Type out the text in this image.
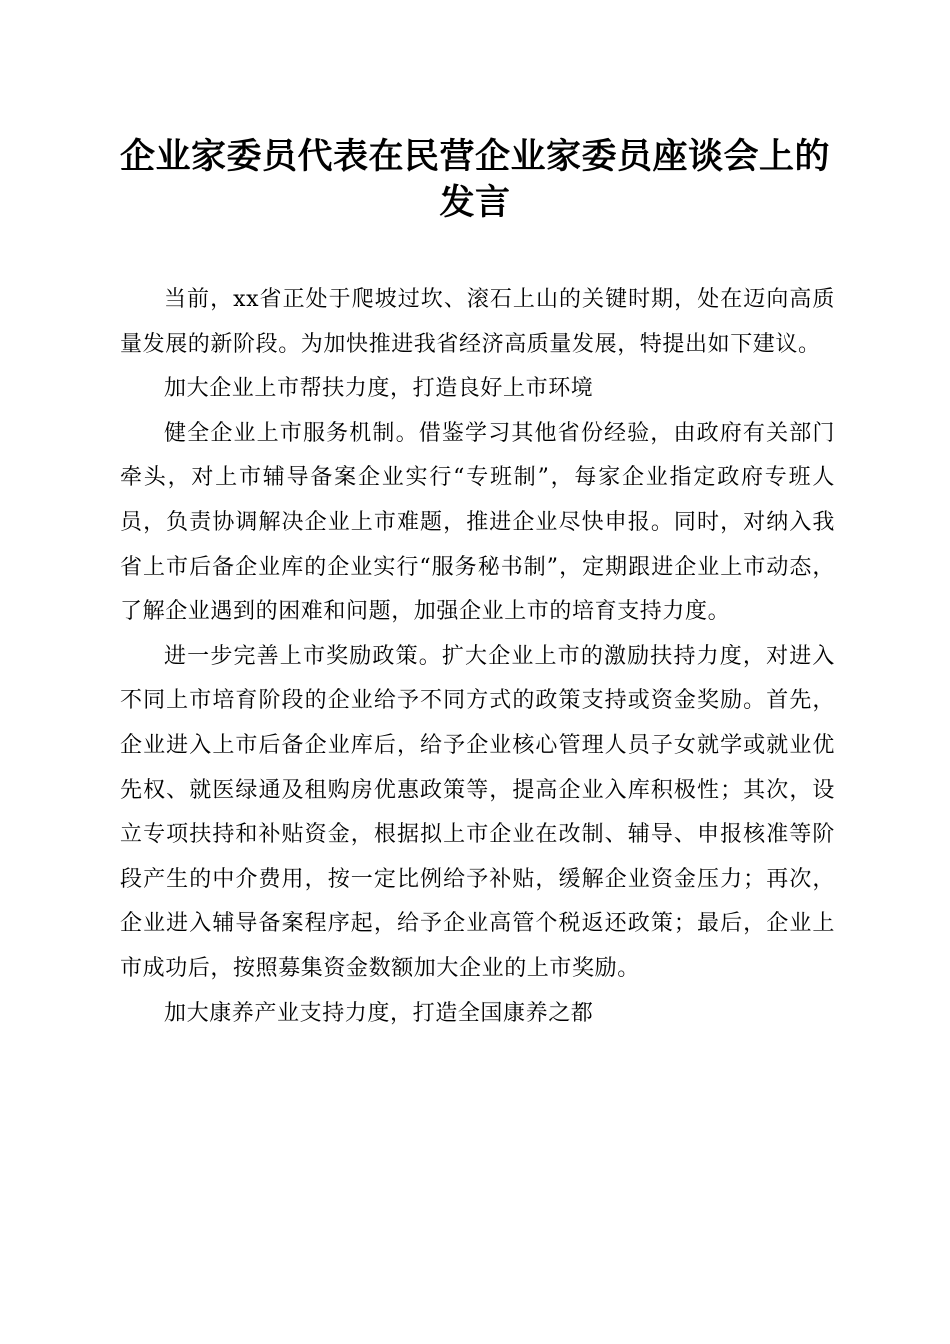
企业家委员代表在民营企业家委员座谈会上的
发言

当前，xx省正处于爬坡过坎、滚石上山的关键时期，处在迈向高质量发展的新阶段。为加快推进我省经济高质量发展，特提出如下建议。

加大企业上市帮扶力度，打造良好上市环境

健全企业上市服务机制。借鉴学习其他省份经验，由政府有关部门牵头，对上市辅导备案企业实行“专班制”，每家企业指定政府专班人员，负责协调解决企业上市难题，推进企业尽快申报。同时，对纳入我省上市后备企业库的企业实行“服务秘书制”，定期跟进企业上市动态，了解企业遇到的困难和问题，加强企业上市的培育支持力度。

进一步完善上市奖励政策。扩大企业上市的激励扶持力度，对进入不同上市培育阶段的企业给予不同方式的政策支持或资金奖励。首先，企业进入上市后备企业库后，给予企业核心管理人员子女就学或就业优先权、就医绿通及租购房优惠政策等，提高企业入库积极性；其次，设立专项扶持和补贴资金，根据拟上市企业在改制、辅导、申报核准等阶段产生的中介费用，按一定比例给予补贴，缓解企业资金压力；再次，企业进入辅导备案程序起，给予企业高管个税返还政策；最后，企业上市成功后，按照募集资金数额加大企业的上市奖励。

加大康养产业支持力度，打造全国康养之都
